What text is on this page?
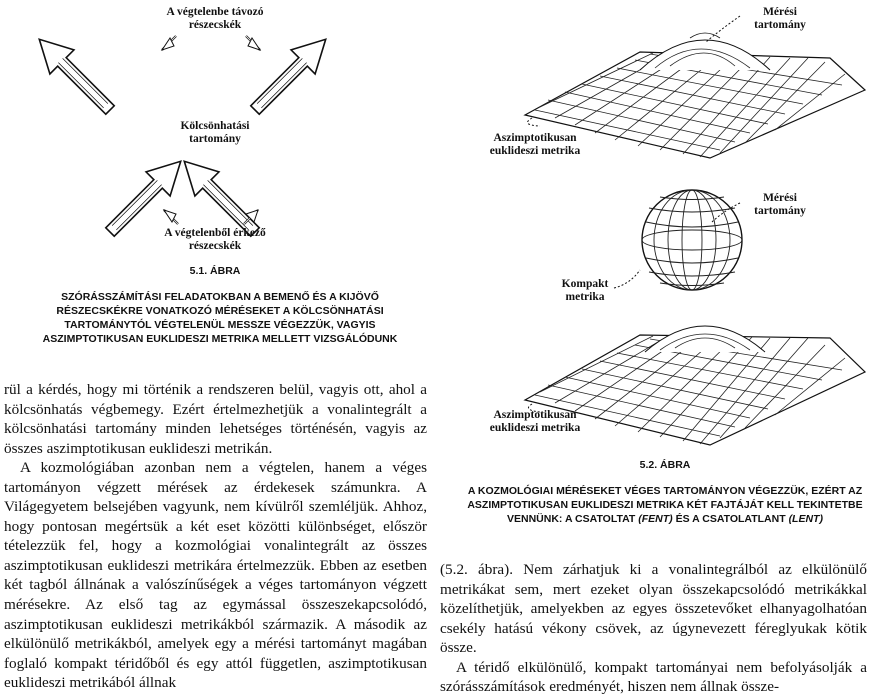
A végtelenbe távozó részecskék
Kölcsönhatási tartomány
A végtelenből érkező részecskék
5.1. ÁBRA
SZÓRÁSSZÁMÍTÁSI FELADATOKBAN A BEMENŐ ÉS A KIJÖVŐ RÉSZECSKÉKRE VONATKOZÓ MÉRÉSEKET A KÖLCSÖNHATÁSI TARTOMÁNYTÓL VÉGTELENÜL MESSZE VÉGEZZÜK, VAGYIS ASZIMPTOTIKUSAN EUKLIDESZI METRIKA MELLETT VIZSGÁLÓDUNK
Mérési tartomány
Aszimptotikusan euklideszi metrika
Mérési tartomány
Kompakt metrika
Aszimptotikusan euklideszi metrika
5.2. ÁBRA
A KOZMOLÓGIAI MÉRÉSEKET VÉGES TARTOMÁNYON VÉGEZZÜK, EZÉRT AZ ASZIMPTOTIKUSAN EUKLIDESZI METRIKA KÉT FAJTÁJÁT KELL TEKINTETBE VENNÜNK: A CSATOLTAT (FENT) ÉS A CSATOLATLANT (LENT)

rül a kérdés, hogy mi történik a rendszeren belül, vagyis ott, ahol a kölcsönhatás végbemegy. Ezért értelmezhetjük a vonalintegrált a kölcsönhatási tartomány minden lehetséges történésén, vagyis az összes aszimptotikusan euklideszi metrikán.

A kozmológiában azonban nem a végtelen, hanem a véges tartományon végzett mérések az érdekesek számunkra. A Világegyetem belsejében vagyunk, nem kívülről szemléljük. Ahhoz, hogy pontosan megértsük a két eset közötti különbséget, először tételezzük fel, hogy a kozmológiai vonalintegrált az összes aszimptotikusan euklideszi metrikára értelmezzük. Ebben az esetben két tagból állnának a valószínűségek a véges tartományon végzett mérésekre. Az első tag az egymással összeszekapcsolódó, aszimptotikusan euklideszi metrikákból származik. A második az elkülönülő metrikákból, amelyek egy a mérési tartományt magában foglaló kompakt téridőből és egy attól független, aszimptotikusan euklideszi metrikából állnak

(5.2. ábra). Nem zárhatjuk ki a vonalintegrálból az elkülönülő metrikákat sem, mert ezeket olyan összekapcsolódó metrikákkal közelíthetjük, amelyekben az egyes összetevőket elhanyagolhatóan csekély hatású vékony csövek, az úgynevezett féreglyukak kötik össze.

A téridő elkülönülő, kompakt tartományai nem befolyásolják a szórásszámítások eredményét, hiszen nem állnak össze-
